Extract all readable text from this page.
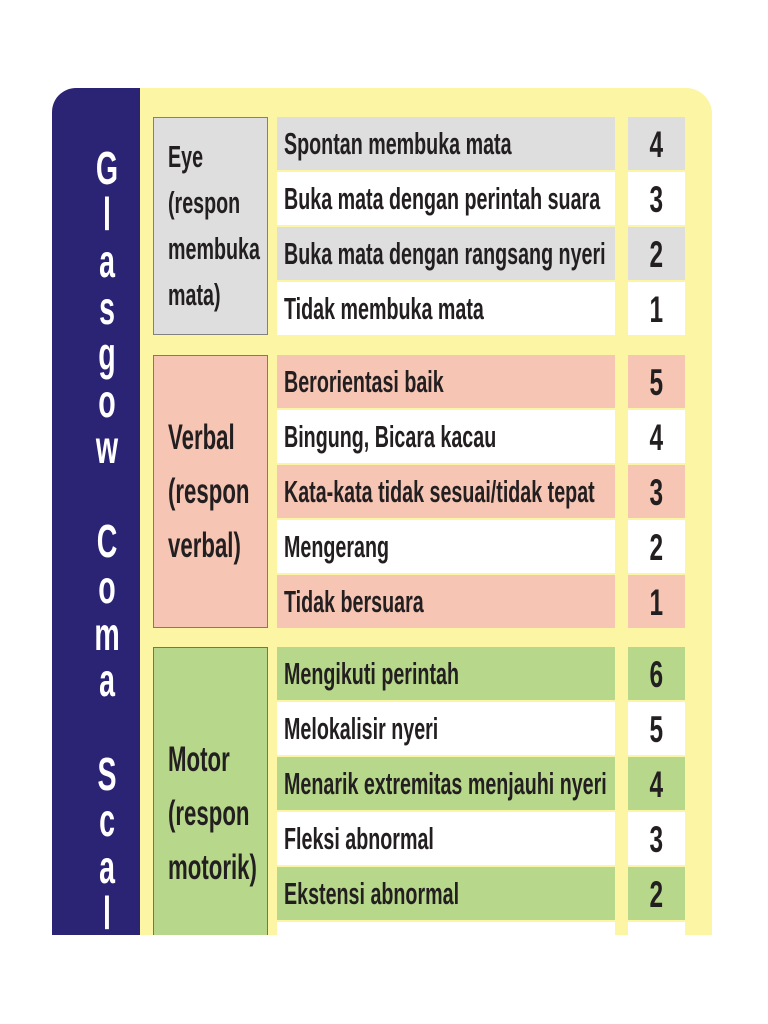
G
l
a
s
g
o
w

C
o
m
a

S
c
a
l
Eye
(respon
membuka
mata)
Spontan membuka mata	4
Buka mata dengan perintah suara	3
Buka mata dengan rangsang nyeri	2
Tidak membuka mata	1
Verbal
(respon
verbal)
Berorientasi baik	5
Bingung, Bicara kacau	4
Kata-kata tidak sesuai/tidak tepat	3
Mengerang	2
Tidak bersuara	1
Motor
(respon
motorik)
Mengikuti perintah	6
Melokalisir nyeri	5
Menarik extremitas menjauhi nyeri	4
Fleksi abnormal	3
Ekstensi abnormal	2
